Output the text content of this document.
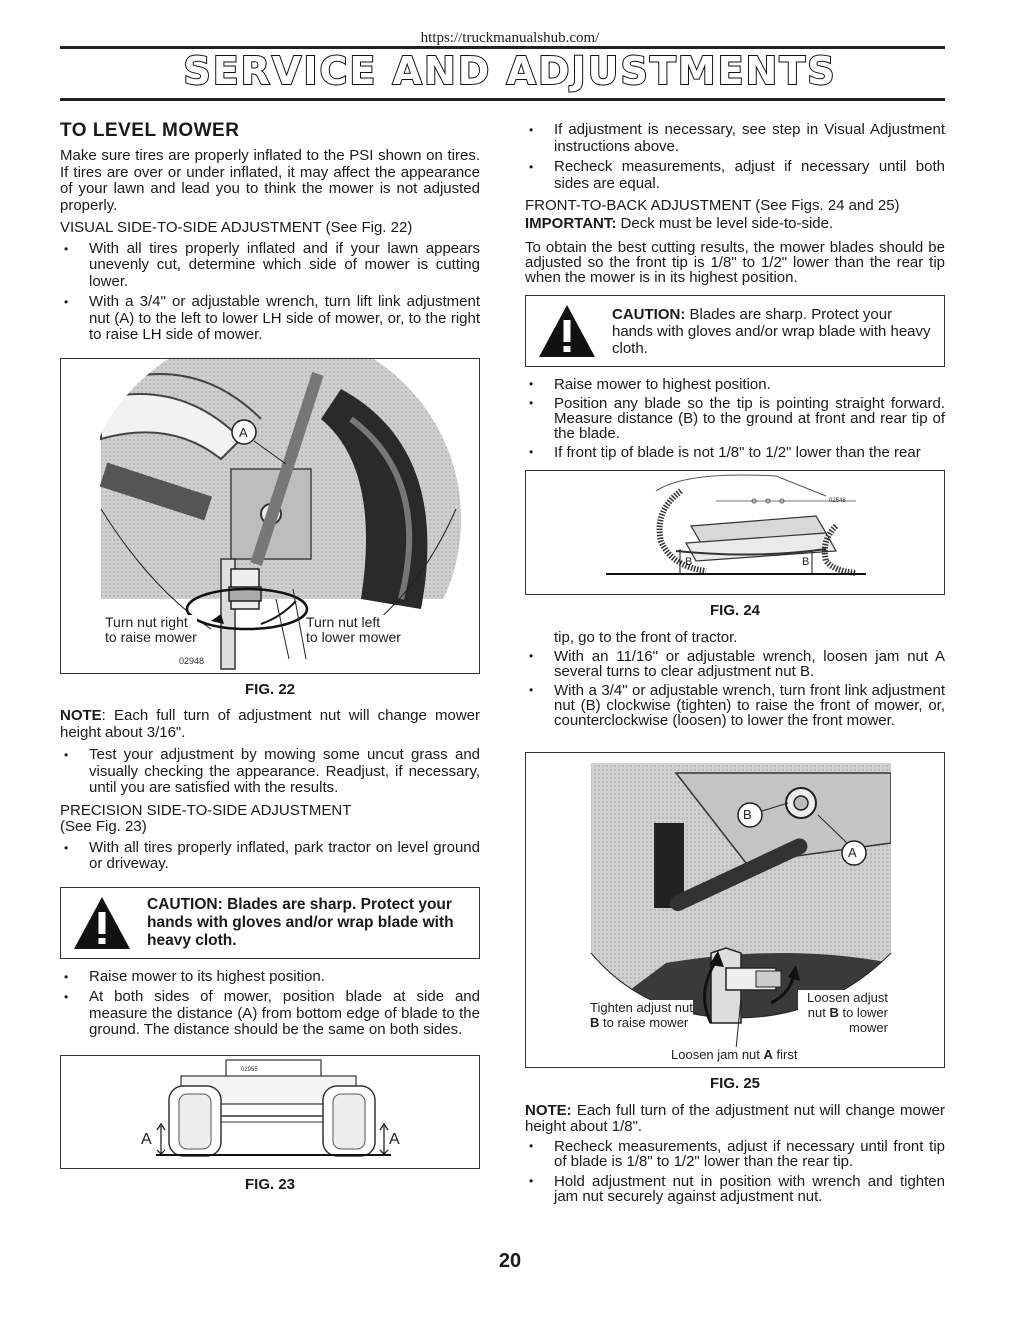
https://truckmanualshub.com/
SERVICE AND ADJUSTMENTS
TO LEVEL MOWER

Make sure tires are properly inflated to the PSI shown on tires. If tires are over or under inflated, it may affect the appearance of your lawn and lead you to think the mower is not adjusted properly.

VISUAL SIDE-TO-SIDE ADJUSTMENT (See Fig. 22)

• With all tires properly inflated and if your lawn appears unevenly cut, determine which side of mower is cutting lower.
• With a 3/4" or adjustable wrench, turn lift link adjustment nut (A) to the left to lower LH side of mower, or, to the right to raise LH side of mower.
A
Turn nut right
to raise mower
Turn nut left
to lower mower
02948
FIG. 22

NOTE: Each full turn of adjustment nut will change mower height about 3/16".

• Test your adjustment by mowing some uncut grass and visually checking the appearance. Readjust, if necessary, until you are satisfied with the results.

PRECISION SIDE-TO-SIDE ADJUSTMENT

(See Fig. 23)

• With all tires properly inflated, park tractor on level ground or driveway.
CAUTION: Blades are sharp. Protect your hands with gloves and/or wrap blade with heavy cloth.
• Raise mower to its highest position.
• At both sides of mower, position blade at side and measure the distance (A) from bottom edge of blade to the ground. The distance should be the same on both sides.
A	A
02955
FIG. 23
• If adjustment is necessary, see step in Visual Adjustment instructions above.
• Recheck measurements, adjust if necessary until both sides are equal.

FRONT-TO-BACK ADJUSTMENT (See Figs. 24 and 25)

IMPORTANT: Deck must be level side-to-side.

To obtain the best cutting results, the mower blades should be adjusted so the front tip is 1/8" to 1/2" lower than the rear tip when the mower is in its highest position.

CAUTION: Blades are sharp. Protect your hands with gloves and/or wrap blade with heavy cloth.
• Raise mower to highest position.
• Position any blade so the tip is pointing straight forward. Measure distance (B) to the ground at front and rear tip of the blade.
• If front tip of blade is not 1/8" to 1/2" lower than the rear
B	B
02548
FIG. 24

tip, go to the front of tractor.

• With an 11/16" or adjustable wrench, loosen jam nut A several turns to clear adjustment nut B.
• With a 3/4" or adjustable wrench, turn front link adjustment nut (B) clockwise (tighten) to raise the front of mower, or, counterclockwise (loosen) to lower the front mower.
B
A
Tighten adjust nut
B to raise mower
Loosen adjust
nut B to lower
mower
Loosen jam nut A first
FIG. 25

NOTE: Each full turn of the adjustment nut will change mower height about 1/8".

• Recheck measurements, adjust if necessary until front tip of blade is 1/8" to 1/2" lower than the rear tip.
• Hold adjustment nut in position with wrench and tighten jam nut securely against adjustment nut.
20
